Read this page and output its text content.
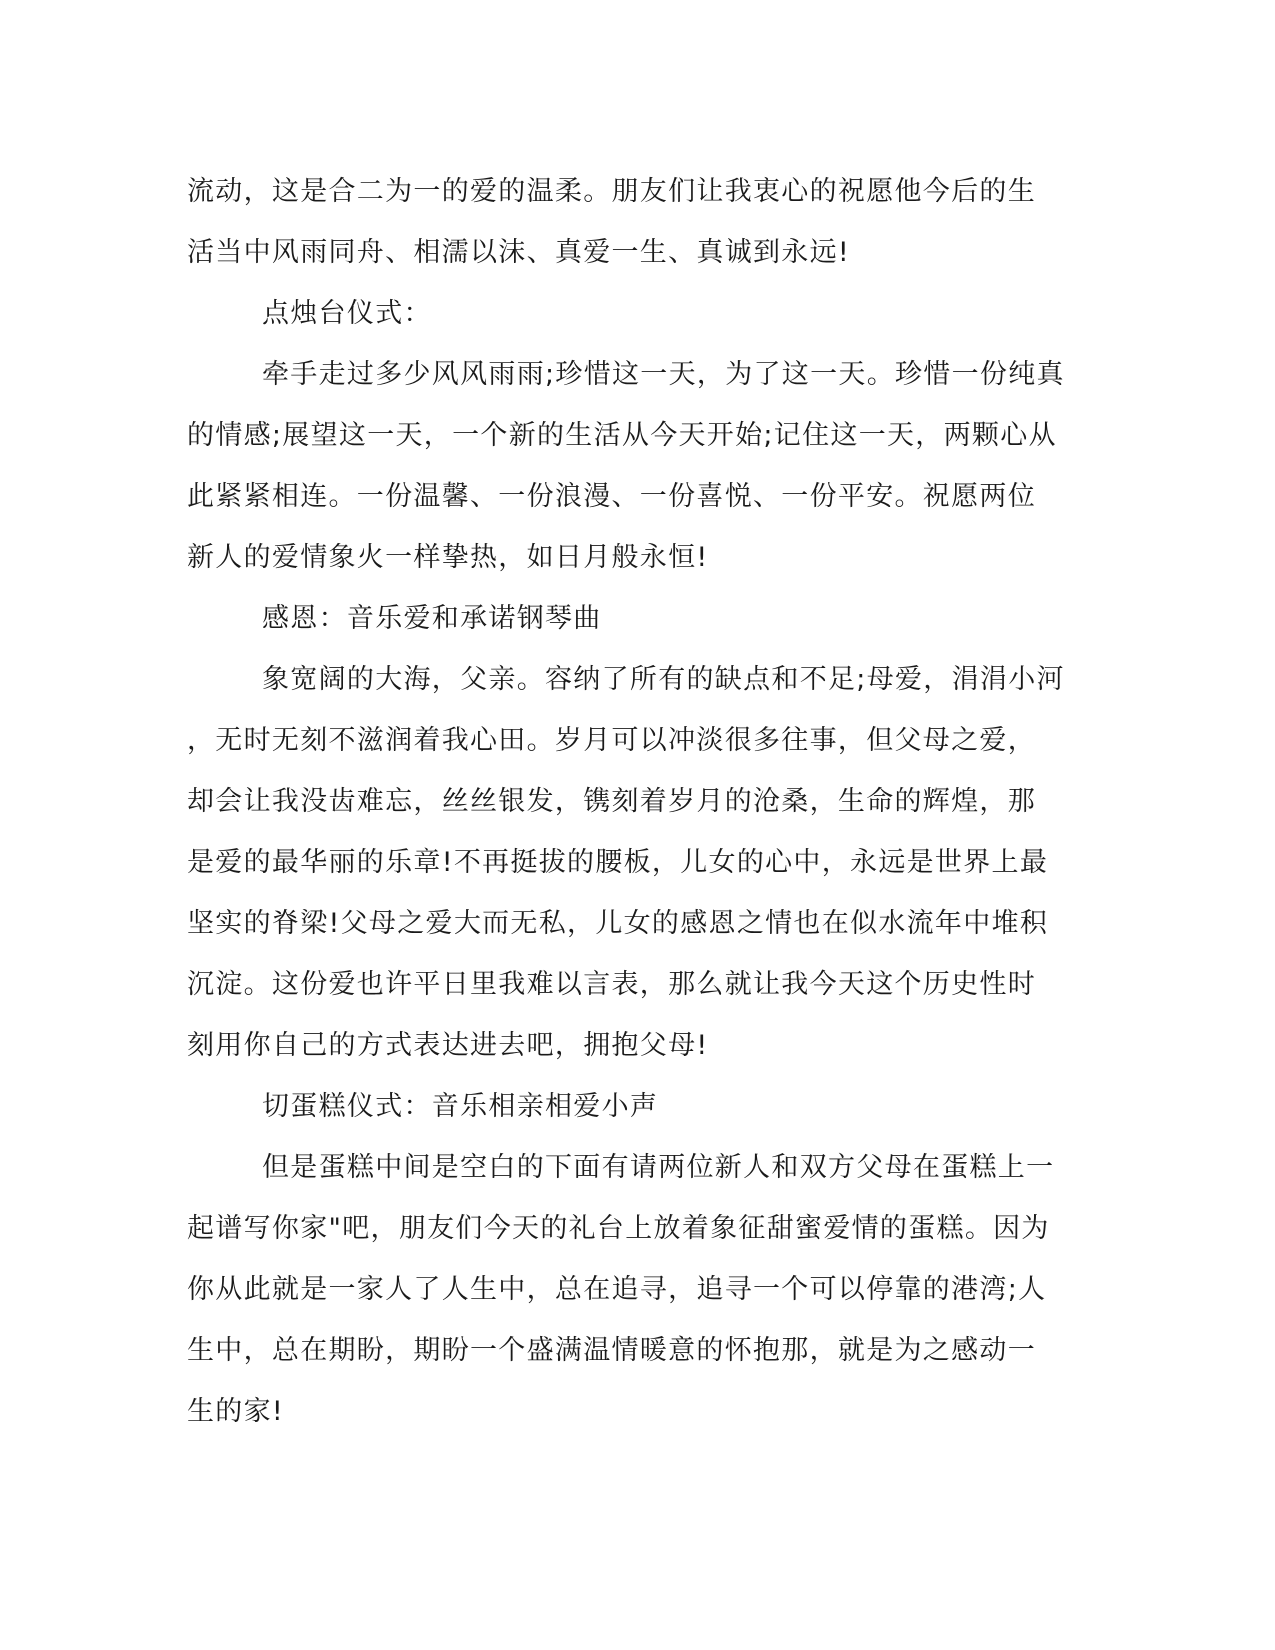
流动，这是合二为一的爱的温柔。朋友们让我衷心的祝愿他今后的生
活当中风雨同舟、相濡以沫、真爱一生、真诚到永远!
点烛台仪式：
牵手走过多少风风雨雨;珍惜这一天，为了这一天。珍惜一份纯真
的情感;展望这一天，一个新的生活从今天开始;记住这一天，两颗心从
此紧紧相连。一份温馨、一份浪漫、一份喜悦、一份平安。祝愿两位
新人的爱情象火一样挚热，如日月般永恒!
感恩：音乐爱和承诺钢琴曲
象宽阔的大海，父亲。容纳了所有的缺点和不足;母爱，涓涓小河
，无时无刻不滋润着我心田。岁月可以冲淡很多往事，但父母之爱，
却会让我没齿难忘，丝丝银发，镌刻着岁月的沧桑，生命的辉煌，那
是爱的最华丽的乐章!不再挺拔的腰板，儿女的心中，永远是世界上最
坚实的脊梁!父母之爱大而无私，儿女的感恩之情也在似水流年中堆积
沉淀。这份爱也许平日里我难以言表，那么就让我今天这个历史性时
刻用你自己的方式表达进去吧，拥抱父母!
切蛋糕仪式：音乐相亲相爱小声
但是蛋糕中间是空白的下面有请两位新人和双方父母在蛋糕上一
起谱写你家"吧，朋友们今天的礼台上放着象征甜蜜爱情的蛋糕。因为
你从此就是一家人了人生中，总在追寻，追寻一个可以停靠的港湾;人
生中，总在期盼，期盼一个盛满温情暖意的怀抱那，就是为之感动一
生的家!
